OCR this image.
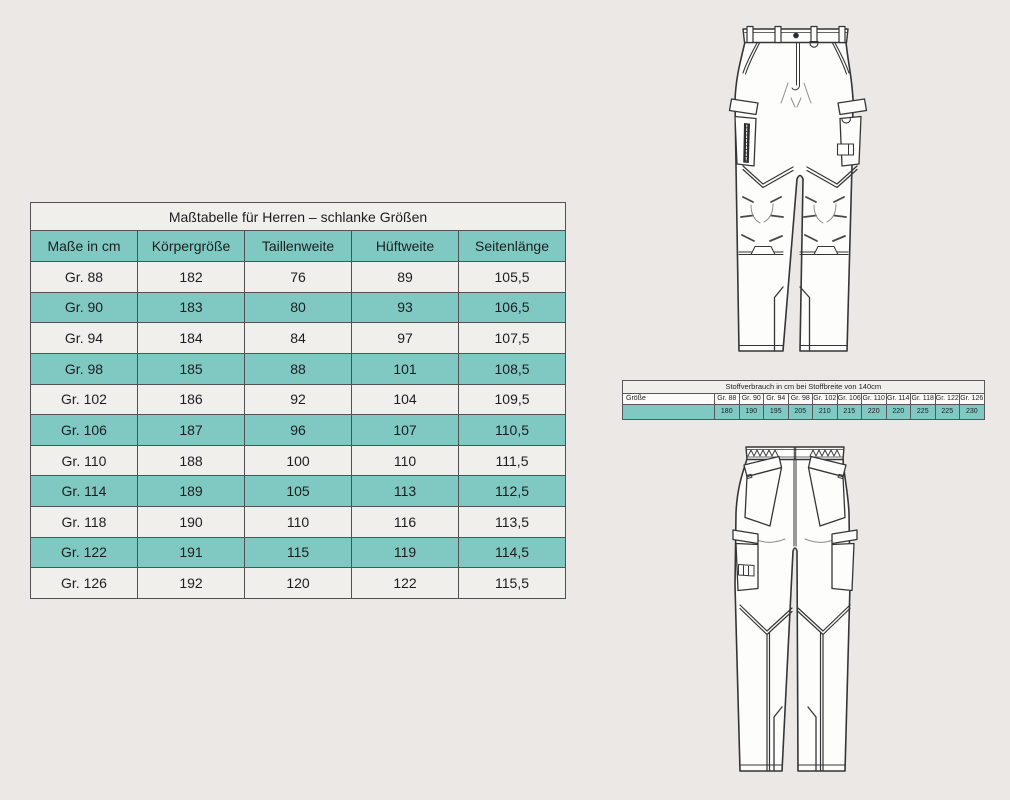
Maßtabelle für Herren – schlanke Größen				
Maße in cm	Körpergröße	Taillenweite	Hüftweite	Seitenlänge
Gr. 88	182	76	89	105,5
Gr. 90	183	80	93	106,5
Gr. 94	184	84	97	107,5
Gr. 98	185	88	101	108,5
Gr. 102	186	92	104	109,5
Gr. 106	187	96	107	110,5
Gr. 110	188	100	110	111,5
Gr. 114	189	105	113	112,5
Gr. 118	190	110	116	113,5
Gr. 122	191	115	119	114,5
Gr. 126	192	120	122	115,5
Stoffverbrauch in cm bei Stoffbreite von 140cm											
Größe	Gr. 88	Gr. 90	Gr. 94	Gr. 98	Gr. 102	Gr. 106	Gr. 110	Gr. 114	Gr. 118	Gr. 122	Gr. 126
	180	190	195	205	210	215	220	220	225	225	230
